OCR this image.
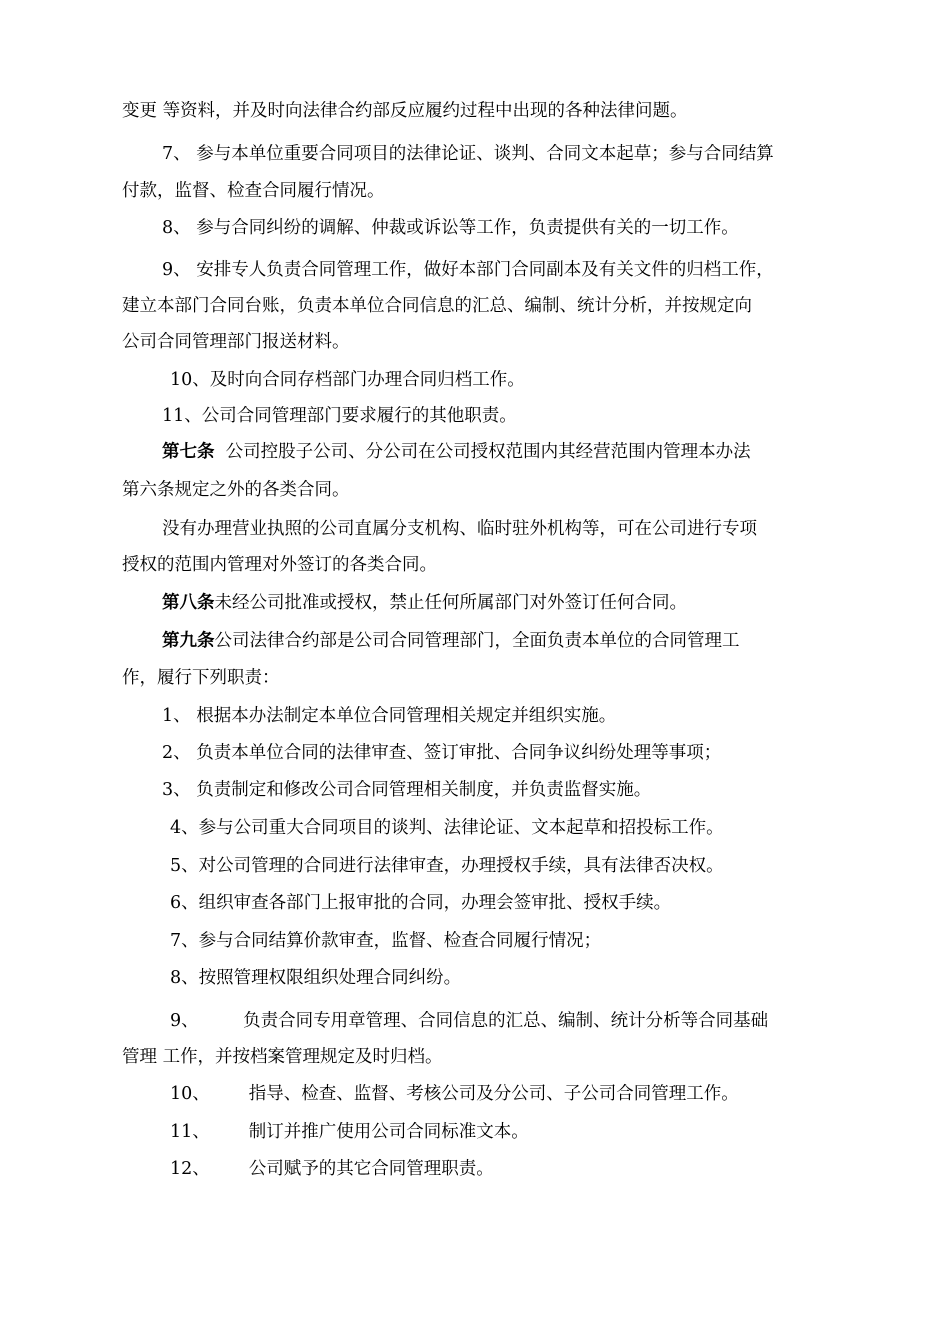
变更 等资料，并及时向法律合约部反应履约过程中出现的各种法律问题。

7、 参与本单位重要合同项目的法律论证、谈判、合同文本起草；参与合同结算

付款，监督、检查合同履行情况。

8、 参与合同纠纷的调解、仲裁或诉讼等工作，负责提供有关的一切工作。

9、 安排专人负责合同管理工作，做好本部门合同副本及有关文件的归档工作，

建立本部门合同台账，负责本单位合同信息的汇总、编制、统计分析，并按规定向

公司合同管理部门报送材料。

10、及时向合同存档部门办理合同归档工作。

11、公司合同管理部门要求履行的其他职责。

第七条  公司控股子公司、分公司在公司授权范围内其经营范围内管理本办法

第六条规定之外的各类合同。

没有办理营业执照的公司直属分支机构、临时驻外机构等，可在公司进行专项

授权的范围内管理对外签订的各类合同。

第八条未经公司批准或授权，禁止任何所属部门对外签订任何合同。

第九条公司法律合约部是公司合同管理部门，全面负责本单位的合同管理工

作，履行下列职责：

1、 根据本办法制定本单位合同管理相关规定并组织实施。

2、 负责本单位合同的法律审查、签订审批、合同争议纠纷处理等事项；

3、 负责制定和修改公司合同管理相关制度，并负责监督实施。

4、参与公司重大合同项目的谈判、法律论证、文本起草和招投标工作。

5、对公司管理的合同进行法律审查，办理授权手续，具有法律否决权。

6、组织审查各部门上报审批的合同，办理会签审批、授权手续。

7、参与合同结算价款审查，监督、检查合同履行情况；

8、按照管理权限组织处理合同纠纷。

9、        负责合同专用章管理、合同信息的汇总、编制、统计分析等合同基础

管理 工作，并按档案管理规定及时归档。

10、       指导、检查、监督、考核公司及分公司、子公司合同管理工作。

11、       制订并推广使用公司合同标准文本。

12、       公司赋予的其它合同管理职责。
